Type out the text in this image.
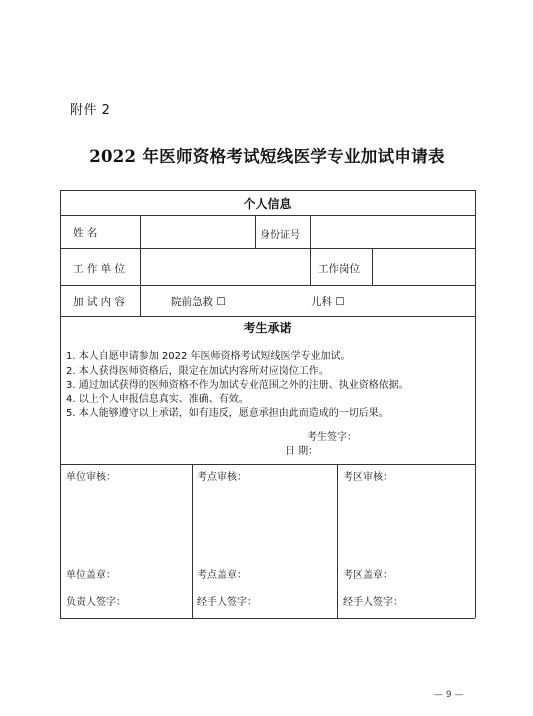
附件 2
2022 年医师资格考试短线医学专业加试申请表
个人信息
姓 名	身份证号
工 作 单 位	工作岗位
加 试 内 容	院前急救 ☐	儿科 ☐
考生承诺
1. 本人自愿申请参加 2022 年医师资格考试短线医学专业加试。
2. 本人获得医师资格后，限定在加试内容所对应岗位工作。
3. 通过加试获得的医师资格不作为加试专业范围之外的注册、执业资格依据。
4. 以上个人申报信息真实、准确、有效。
5. 本人能够遵守以上承诺，如有违反，愿意承担由此而造成的一切后果。
考生签字：
日 期：
单位审核：	考点审核：	考区审核：
单位盖章：	考点盖章：	考区盖章：
负责人签字：	经手人签字：	经手人签字：
— 9 —
